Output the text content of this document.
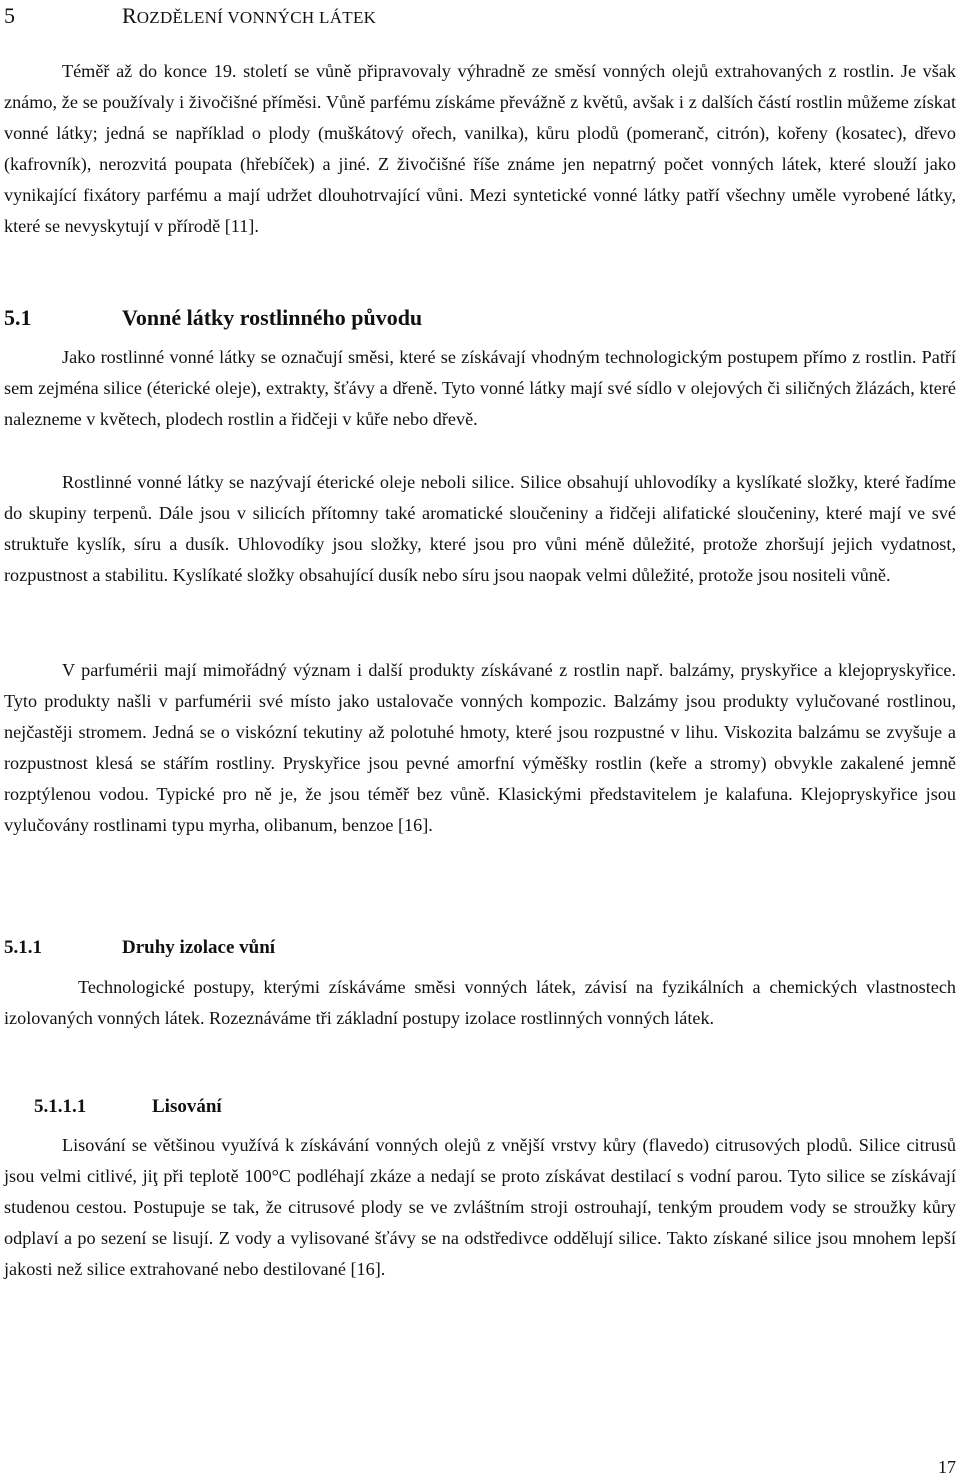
5	ROZDĚLENÍ VONNÝCH LÁTEK

Téměř až do konce 19. století se vůně připravovaly výhradně ze směsí vonných olejů extrahovaných z rostlin. Je však známo, že se používaly i živočišné příměsi. Vůně parfému získáme převážně z květů, avšak i z dalších částí rostlin můžeme získat vonné látky; jedná se například o plody (muškátový ořech, vanilka), kůru plodů (pomeranč, citrón), kořeny (kosatec), dřevo (kafrovník), nerozvitá poupata (hřebíček) a jiné. Z živočišné říše známe jen nepatrný počet vonných látek, které slouží jako vynikající fixátory parfému a mají udržet dlouhotrvající vůni. Mezi syntetické vonné látky patří všechny uměle vyrobené látky, které se nevyskytují v přírodě [11].

5.1	Vonné látky rostlinného původu

Jako rostlinné vonné látky se označují směsi, které se získávají vhodným technologickým postupem přímo z rostlin. Patří sem zejména silice (éterické oleje), extrakty, šťávy a dřeně. Tyto vonné látky mají své sídlo v olejových či siličných žlázách, které nalezneme v květech, plodech rostlin a řidčeji v kůře nebo dřevě.

Rostlinné vonné látky se nazývají éterické oleje neboli silice. Silice obsahují uhlovodíky a kyslíkaté složky, které řadíme do skupiny terpenů. Dále jsou v silicích přítomny také aromatické sloučeniny a řidčeji alifatické sloučeniny, které mají ve své struktuře kyslík, síru a dusík. Uhlovodíky jsou složky, které jsou pro vůni méně důležité, protože zhoršují jejich vydatnost, rozpustnost a stabilitu. Kyslíkaté složky obsahující dusík nebo síru jsou naopak velmi důležité, protože jsou nositeli vůně.

V parfumérii mají mimořádný význam i další produkty získávané z rostlin např. balzámy, pryskyřice a klejopryskyřice. Tyto produkty našli v parfumérii své místo jako ustalovače vonných kompozic. Balzámy jsou produkty vylučované rostlinou, nejčastěji stromem. Jedná se o viskózní tekutiny až polotuhé hmoty, které jsou rozpustné v lihu. Viskozita balzámu se zvyšuje a rozpustnost klesá se stářím rostliny. Pryskyřice jsou pevné amorfní výměšky rostlin (keře a stromy) obvykle zakalené jemně rozptýlenou vodou. Typické pro ně je, že jsou téměř bez vůně. Klasickými představitelem je kalafuna. Klejopryskyřice jsou vylučovány rostlinami typu myrha, olibanum, benzoe [16].

5.1.1	Druhy izolace vůní

Technologické postupy, kterými získáváme směsi vonných látek, závisí na fyzikálních a chemických vlastnostech izolovaných vonných látek. Rozeznáváme tři základní postupy izolace rostlinných vonných látek.

5.1.1.1	Lisování

Lisování se většinou využívá k získávání vonných olejů z vnější vrstvy kůry (flavedo) citrusových plodů. Silice citrusů jsou velmi citlivé, jiţ při teplotě 100°C podléhají zkáze a nedají se proto získávat destilací s vodní parou. Tyto silice se získávají studenou cestou. Postupuje se tak, že citrusové plody se ve zvláštním stroji ostrouhají, tenkým proudem vody se stroužky kůry odplaví a po sezení se lisují. Z vody a vylisované šťávy se na odstředivce oddělují silice. Takto získané silice jsou mnohem lepší jakosti než silice extrahované nebo destilované [16].

17
